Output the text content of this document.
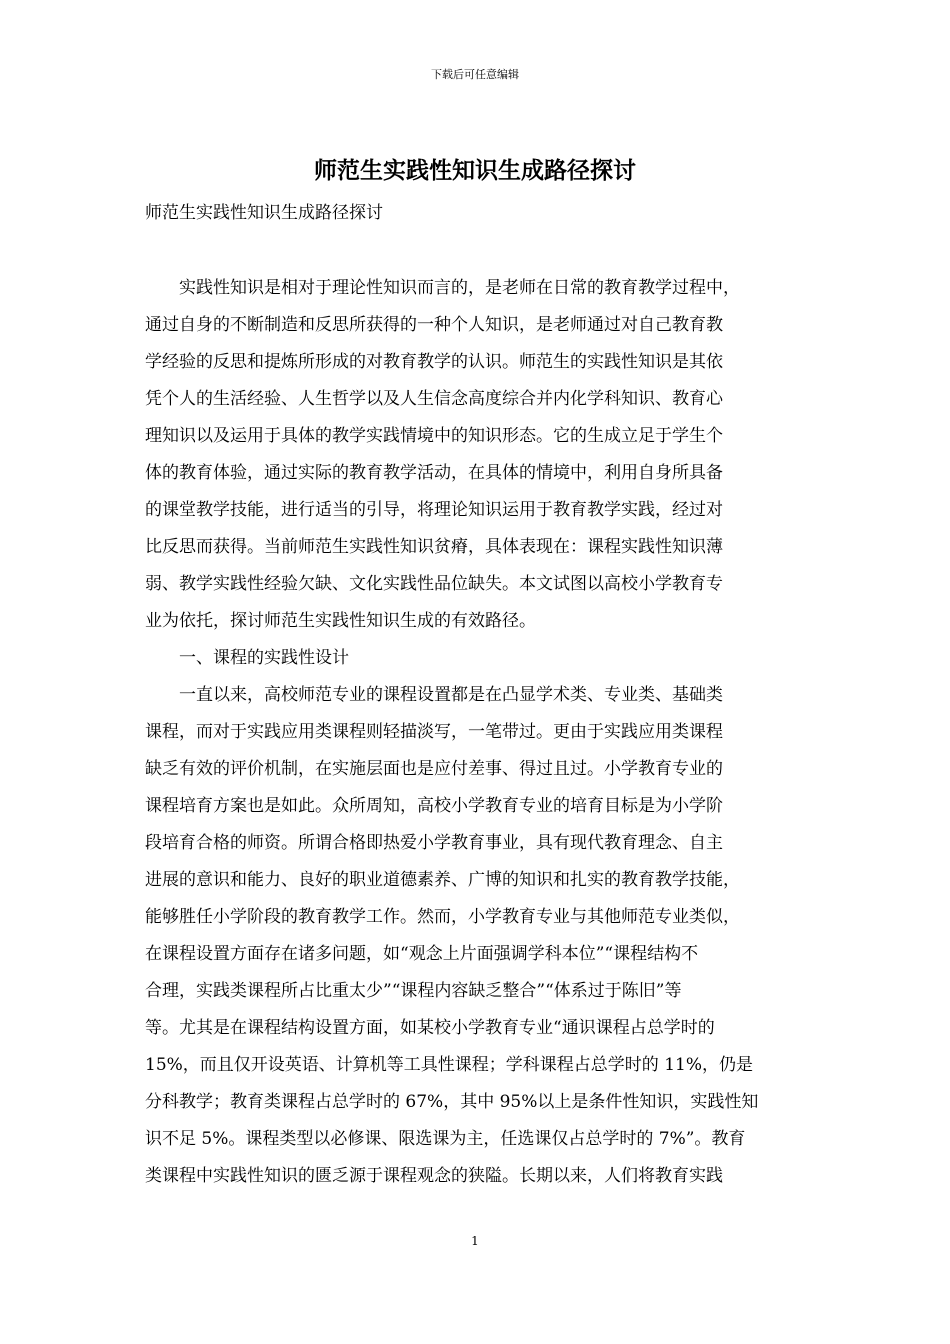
下载后可任意编辑
师范生实践性知识生成路径探讨

师范生实践性知识生成路径探讨

　　实践性知识是相对于理论性知识而言的，是老师在日常的教育教学过程中，
通过自身的不断制造和反思所获得的一种个人知识，是老师通过对自己教育教
学经验的反思和提炼所形成的对教育教学的认识。师范生的实践性知识是其依
凭个人的生活经验、人生哲学以及人生信念高度综合并内化学科知识、教育心
理知识以及运用于具体的教学实践情境中的知识形态。它的生成立足于学生个
体的教育体验，通过实际的教育教学活动，在具体的情境中，利用自身所具备
的课堂教学技能，进行适当的引导，将理论知识运用于教育教学实践，经过对
比反思而获得。当前师范生实践性知识贫瘠，具体表现在：课程实践性知识薄
弱、教学实践性经验欠缺、文化实践性品位缺失。本文试图以高校小学教育专
业为依托，探讨师范生实践性知识生成的有效路径。
　　一、课程的实践性设计
　　一直以来，高校师范专业的课程设置都是在凸显学术类、专业类、基础类
课程，而对于实践应用类课程则轻描淡写，一笔带过。更由于实践应用类课程
缺乏有效的评价机制，在实施层面也是应付差事、得过且过。小学教育专业的
课程培育方案也是如此。众所周知，高校小学教育专业的培育目标是为小学阶
段培育合格的师资。所谓合格即热爱小学教育事业，具有现代教育理念、自主
进展的意识和能力、良好的职业道德素养、广博的知识和扎实的教育教学技能，
能够胜任小学阶段的教育教学工作。然而，小学教育专业与其他师范专业类似，
在课程设置方面存在诸多问题，如“观念上片面强调学科本位”“课程结构不
合理，实践类课程所占比重太少”“课程内容缺乏整合”“体系过于陈旧”等
等。尤其是在课程结构设置方面，如某校小学教育专业“通识课程占总学时的
15%，而且仅开设英语、计算机等工具性课程；学科课程占总学时的 11%，仍是
分科教学；教育类课程占总学时的 67%，其中 95%以上是条件性知识，实践性知
识不足 5%。课程类型以必修课、限选课为主，任选课仅占总学时的 7%”。教育
类课程中实践性知识的匮乏源于课程观念的狭隘。长期以来，人们将教育实践
1
